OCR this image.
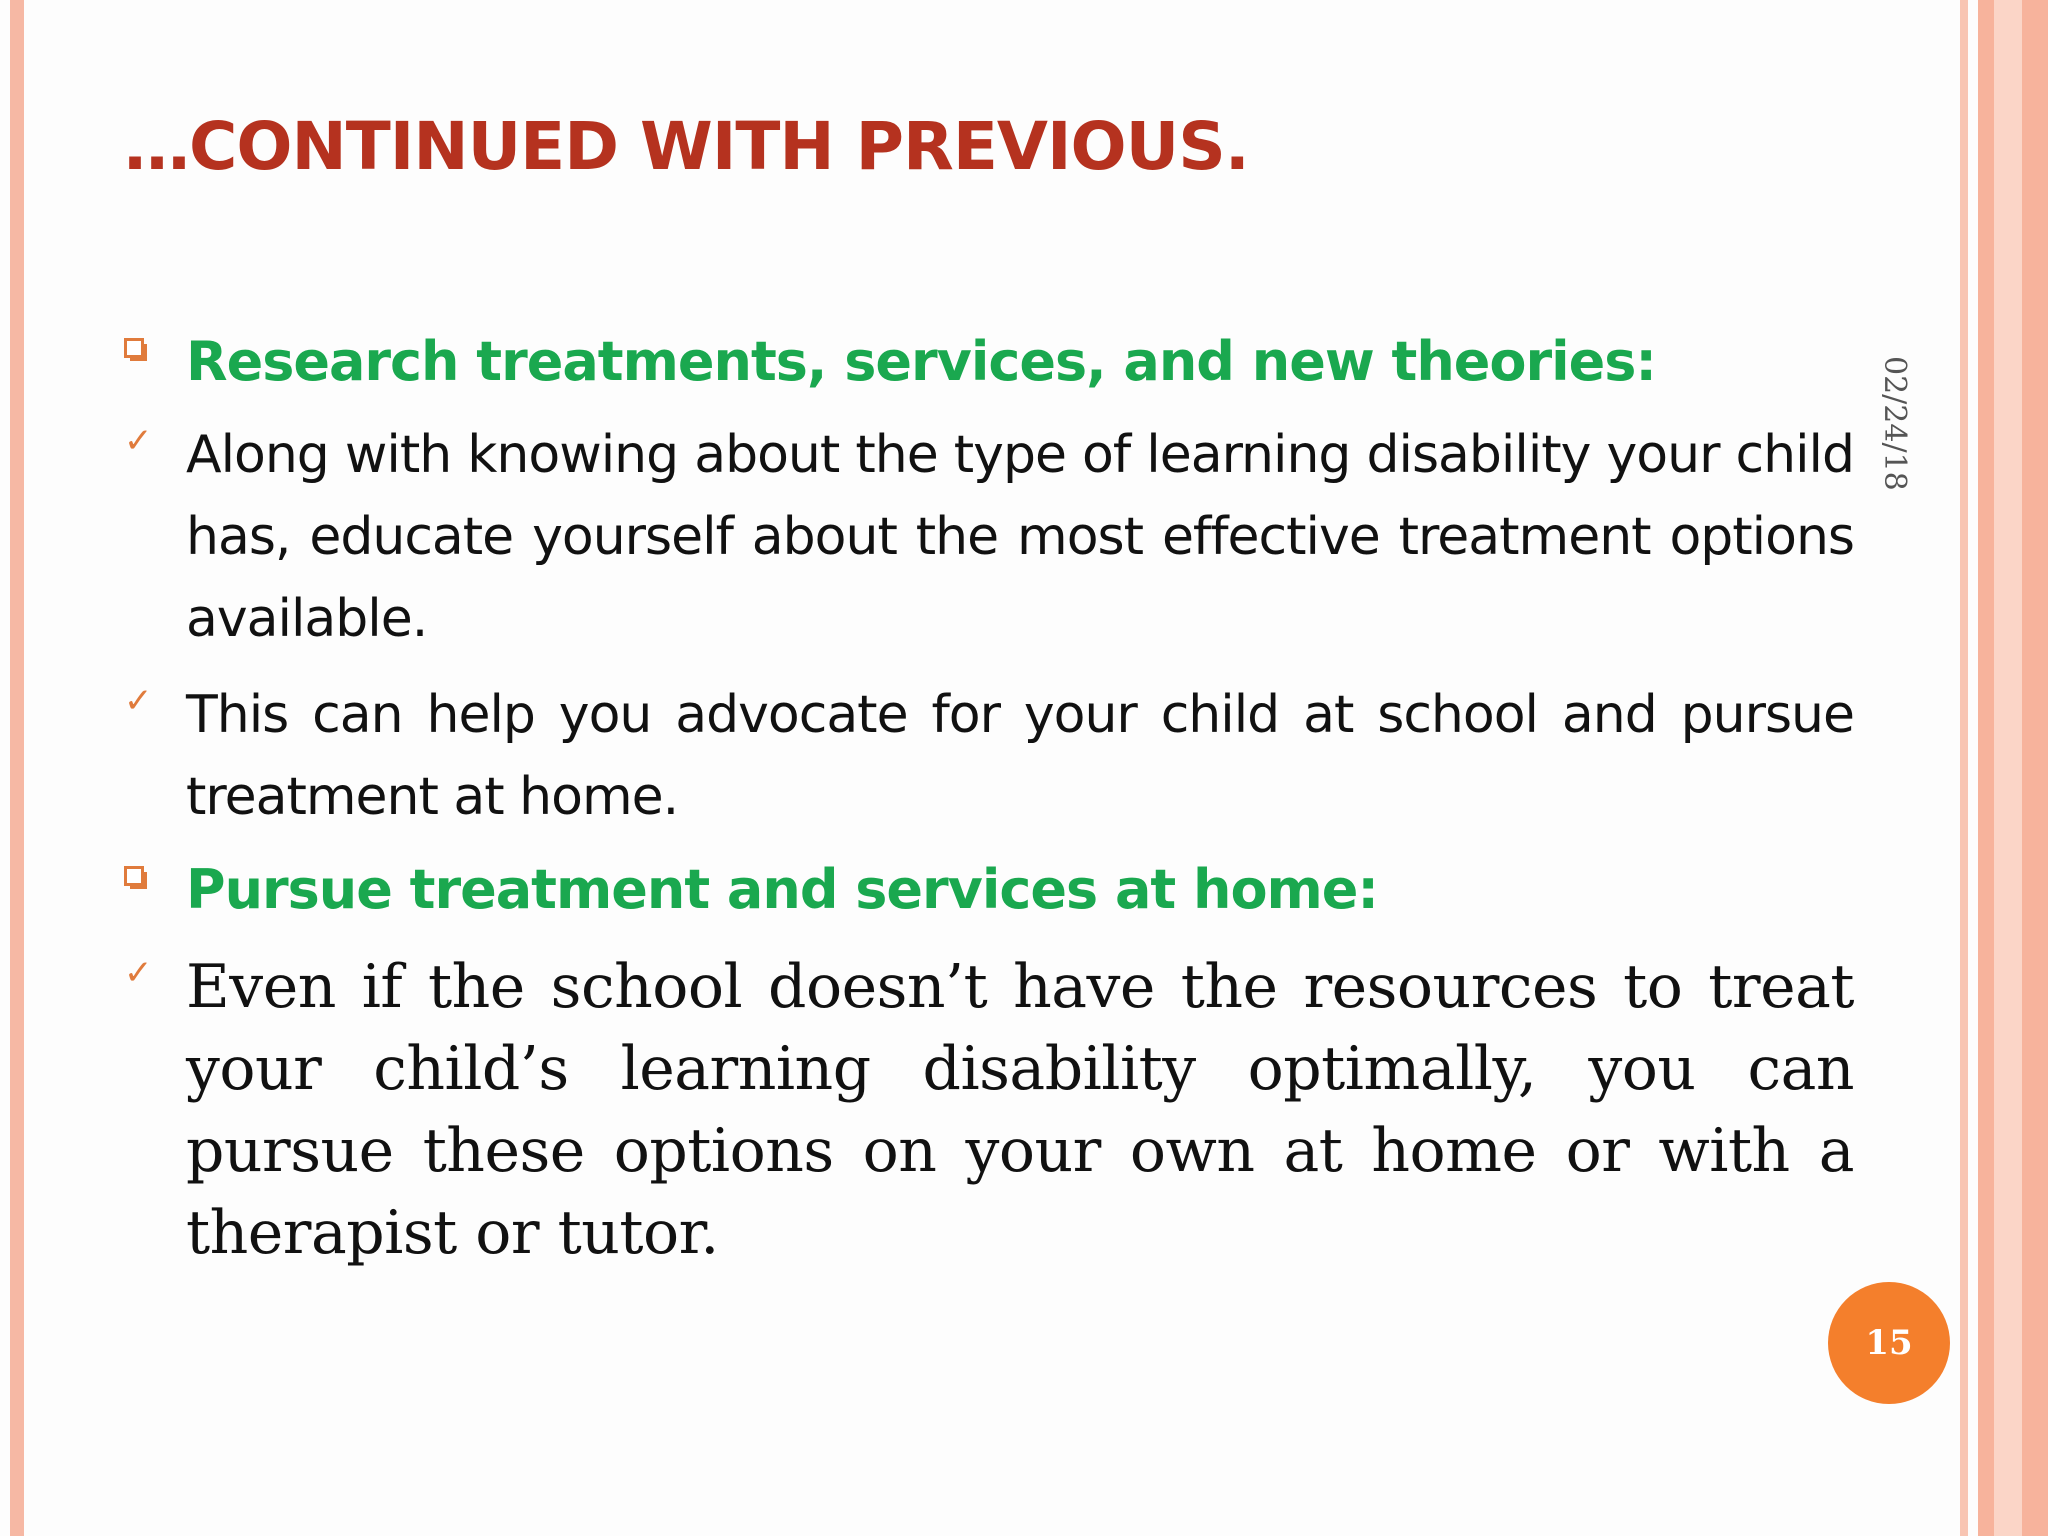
…CONTINUED WITH PREVIOUS.
Research treatments, services, and new theories:
✓ Along with knowing about the type of learning disability your child has, educate yourself about the most effective treatment options available.
✓ This can help you advocate for your child at school and pursue treatment at home.
Pursue treatment and services at home:
✓ Even if the school doesn’t have the resources to treat your child’s learning disability optimally, you can pursue these options on your own at home or with a therapist or tutor.
02/24/18
15
